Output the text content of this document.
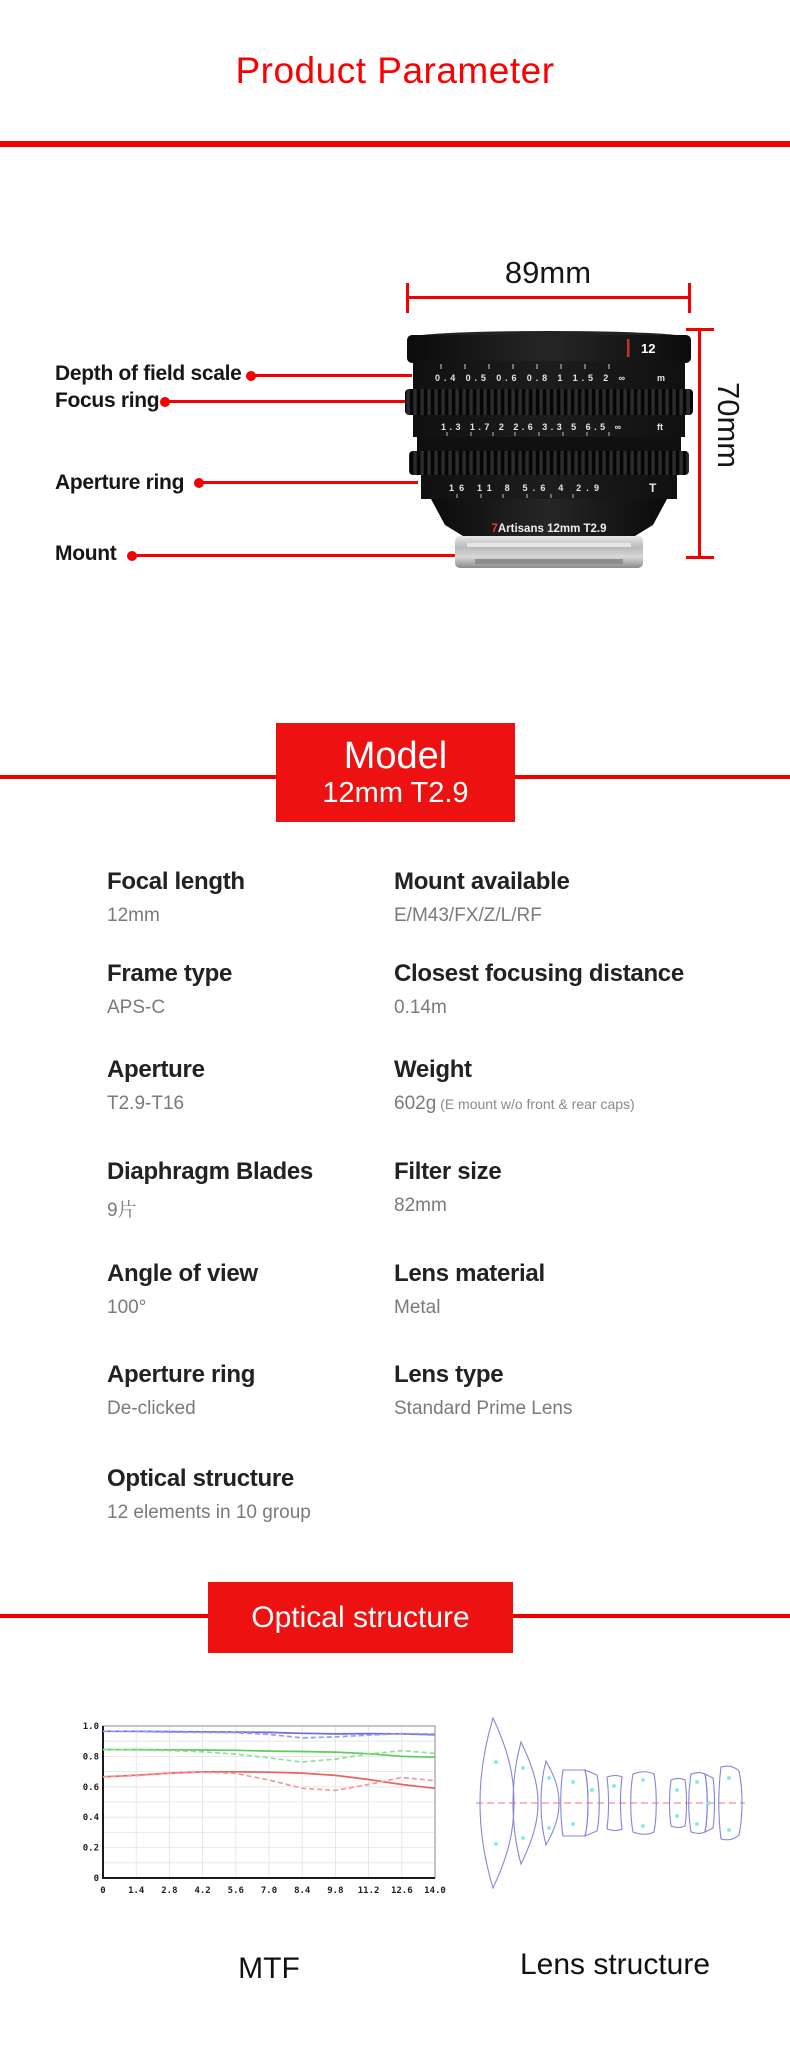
Product Parameter
89mm
70mm
Depth of field scale
Focus ring
Aperture ring
Mount
0.4 0.5 0.6 0.8 1 1.5 2 ∞	m
12
1.3 1.7 2 2.6 3.3 5 6.5 ∞	ft
16 11 8 5.6 4 2.9	T
7Artisans 12mm T2.9
Model
12mm T2.9
Focal length
12mm
Mount available
E/M43/FX/Z/L/RF
Frame type
APS-C
Closest focusing distance
0.14m
Aperture
T2.9-T16
Weight
602g (E mount w/o front & rear caps)
Diaphragm Blades
9片
Filter size
82mm
Angle of view
100°
Lens material
Metal
Aperture ring
De-clicked
Lens type
Standard Prime Lens
Optical structure
12 elements in 10 group
Optical structure
1.0
0.8
0.6
0.4
0.2
0
0 1.4 2.8 4.2 5.6 7.0 8.4 9.8 11.2 12.6 14.0
MTF	Lens structure
